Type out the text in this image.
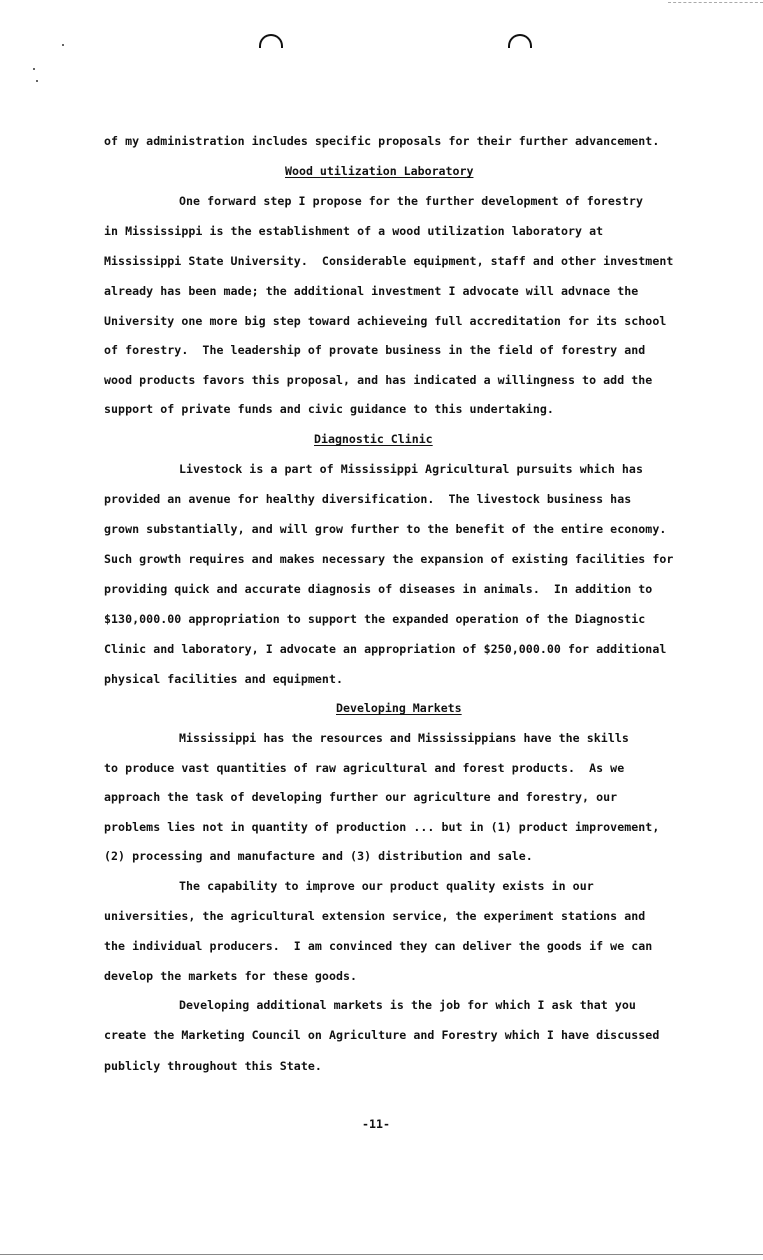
of my administration includes specific proposals for their further advancement.
Wood utilization Laboratory
One forward step I propose for the further development of forestry
in Mississippi is the establishment of a wood utilization laboratory at
Mississippi State University.  Considerable equipment, staff and other investment
already has been made; the additional investment I advocate will advnace the
University one more big step toward achieveing full accreditation for its school
of forestry.  The leadership of provate business in the field of forestry and
wood products favors this proposal, and has indicated a willingness to add the
support of private funds and civic guidance to this undertaking.
Diagnostic Clinic
Livestock is a part of Mississippi Agricultural pursuits which has
provided an avenue for healthy diversification.  The livestock business has
grown substantially, and will grow further to the benefit of the entire economy.
Such growth requires and makes necessary the expansion of existing facilities for
providing quick and accurate diagnosis of diseases in animals.  In addition to
$130,000.00 appropriation to support the expanded operation of the Diagnostic
Clinic and laboratory, I advocate an appropriation of $250,000.00 for additional
physical facilities and equipment.
Developing Markets
Mississippi has the resources and Mississippians have the skills
to produce vast quantities of raw agricultural and forest products.  As we
approach the task of developing further our agriculture and forestry, our
problems lies not in quantity of production ... but in (1) product improvement,
(2) processing and manufacture and (3) distribution and sale.
The capability to improve our product quality exists in our
universities, the agricultural extension service, the experiment stations and
the individual producers.  I am convinced they can deliver the goods if we can
develop the markets for these goods.
Developing additional markets is the job for which I ask that you
create the Marketing Council on Agriculture and Forestry which I have discussed
publicly throughout this State.
-11-
